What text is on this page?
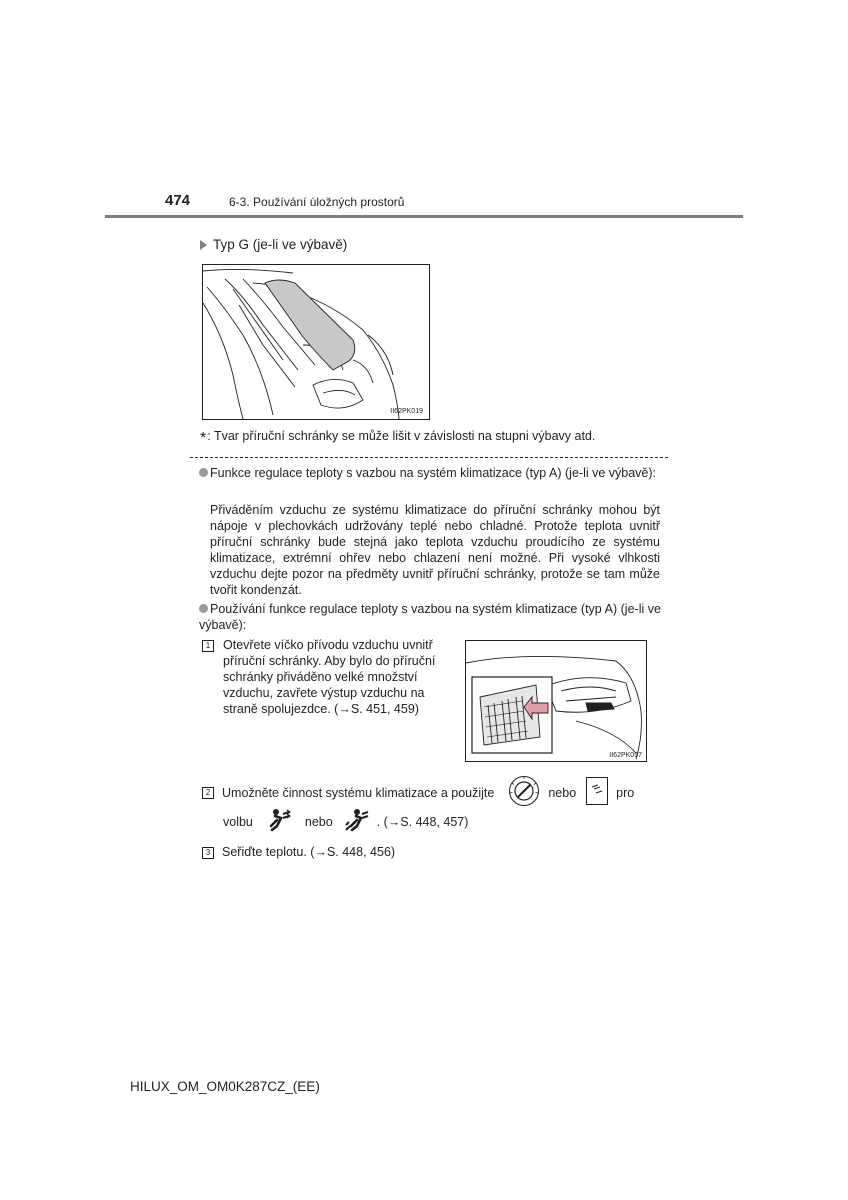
474	6-3. Používání úložných prostorů
Typ G (je-li ve výbavě)
II62PK019
*: Tvar příruční schránky se může lišit v závislosti na stupni výbavy atd.
Funkce regulace teploty s vazbou na systém klimatizace (typ A) (je-li ve výbavě):
Přiváděním vzduchu ze systému klimatizace do příruční schránky mohou být nápoje v plechovkách udržovány teplé nebo chladné. Protože teplota uvnitř příruční schránky bude stejná jako teplota vzduchu proudícího ze systému klimatizace, extrémní ohřev nebo chlazení není možné. Při vysoké vlhkosti vzduchu dejte pozor na předměty uvnitř příruční schránky, protože se tam může tvořit kondenzát.
Používání funkce regulace teploty s vazbou na systém klimatizace (typ A) (je-li ve výbavě):
1 Otevřete víčko přívodu vzduchu uvnitř příruční schránky. Aby bylo do příruční schránky přiváděno velké množství vzduchu, zavřete výstup vzduchu na straně spolujezdce. (→S. 451, 459)
II62PK057
2 Umožněte činnost systému klimatizace a použijte	nebo	pro
volbu	nebo	. (→S. 448, 457)
3 Seřiďte teplotu. (→S. 448, 456)
HILUX_OM_OM0K287CZ_(EE)
